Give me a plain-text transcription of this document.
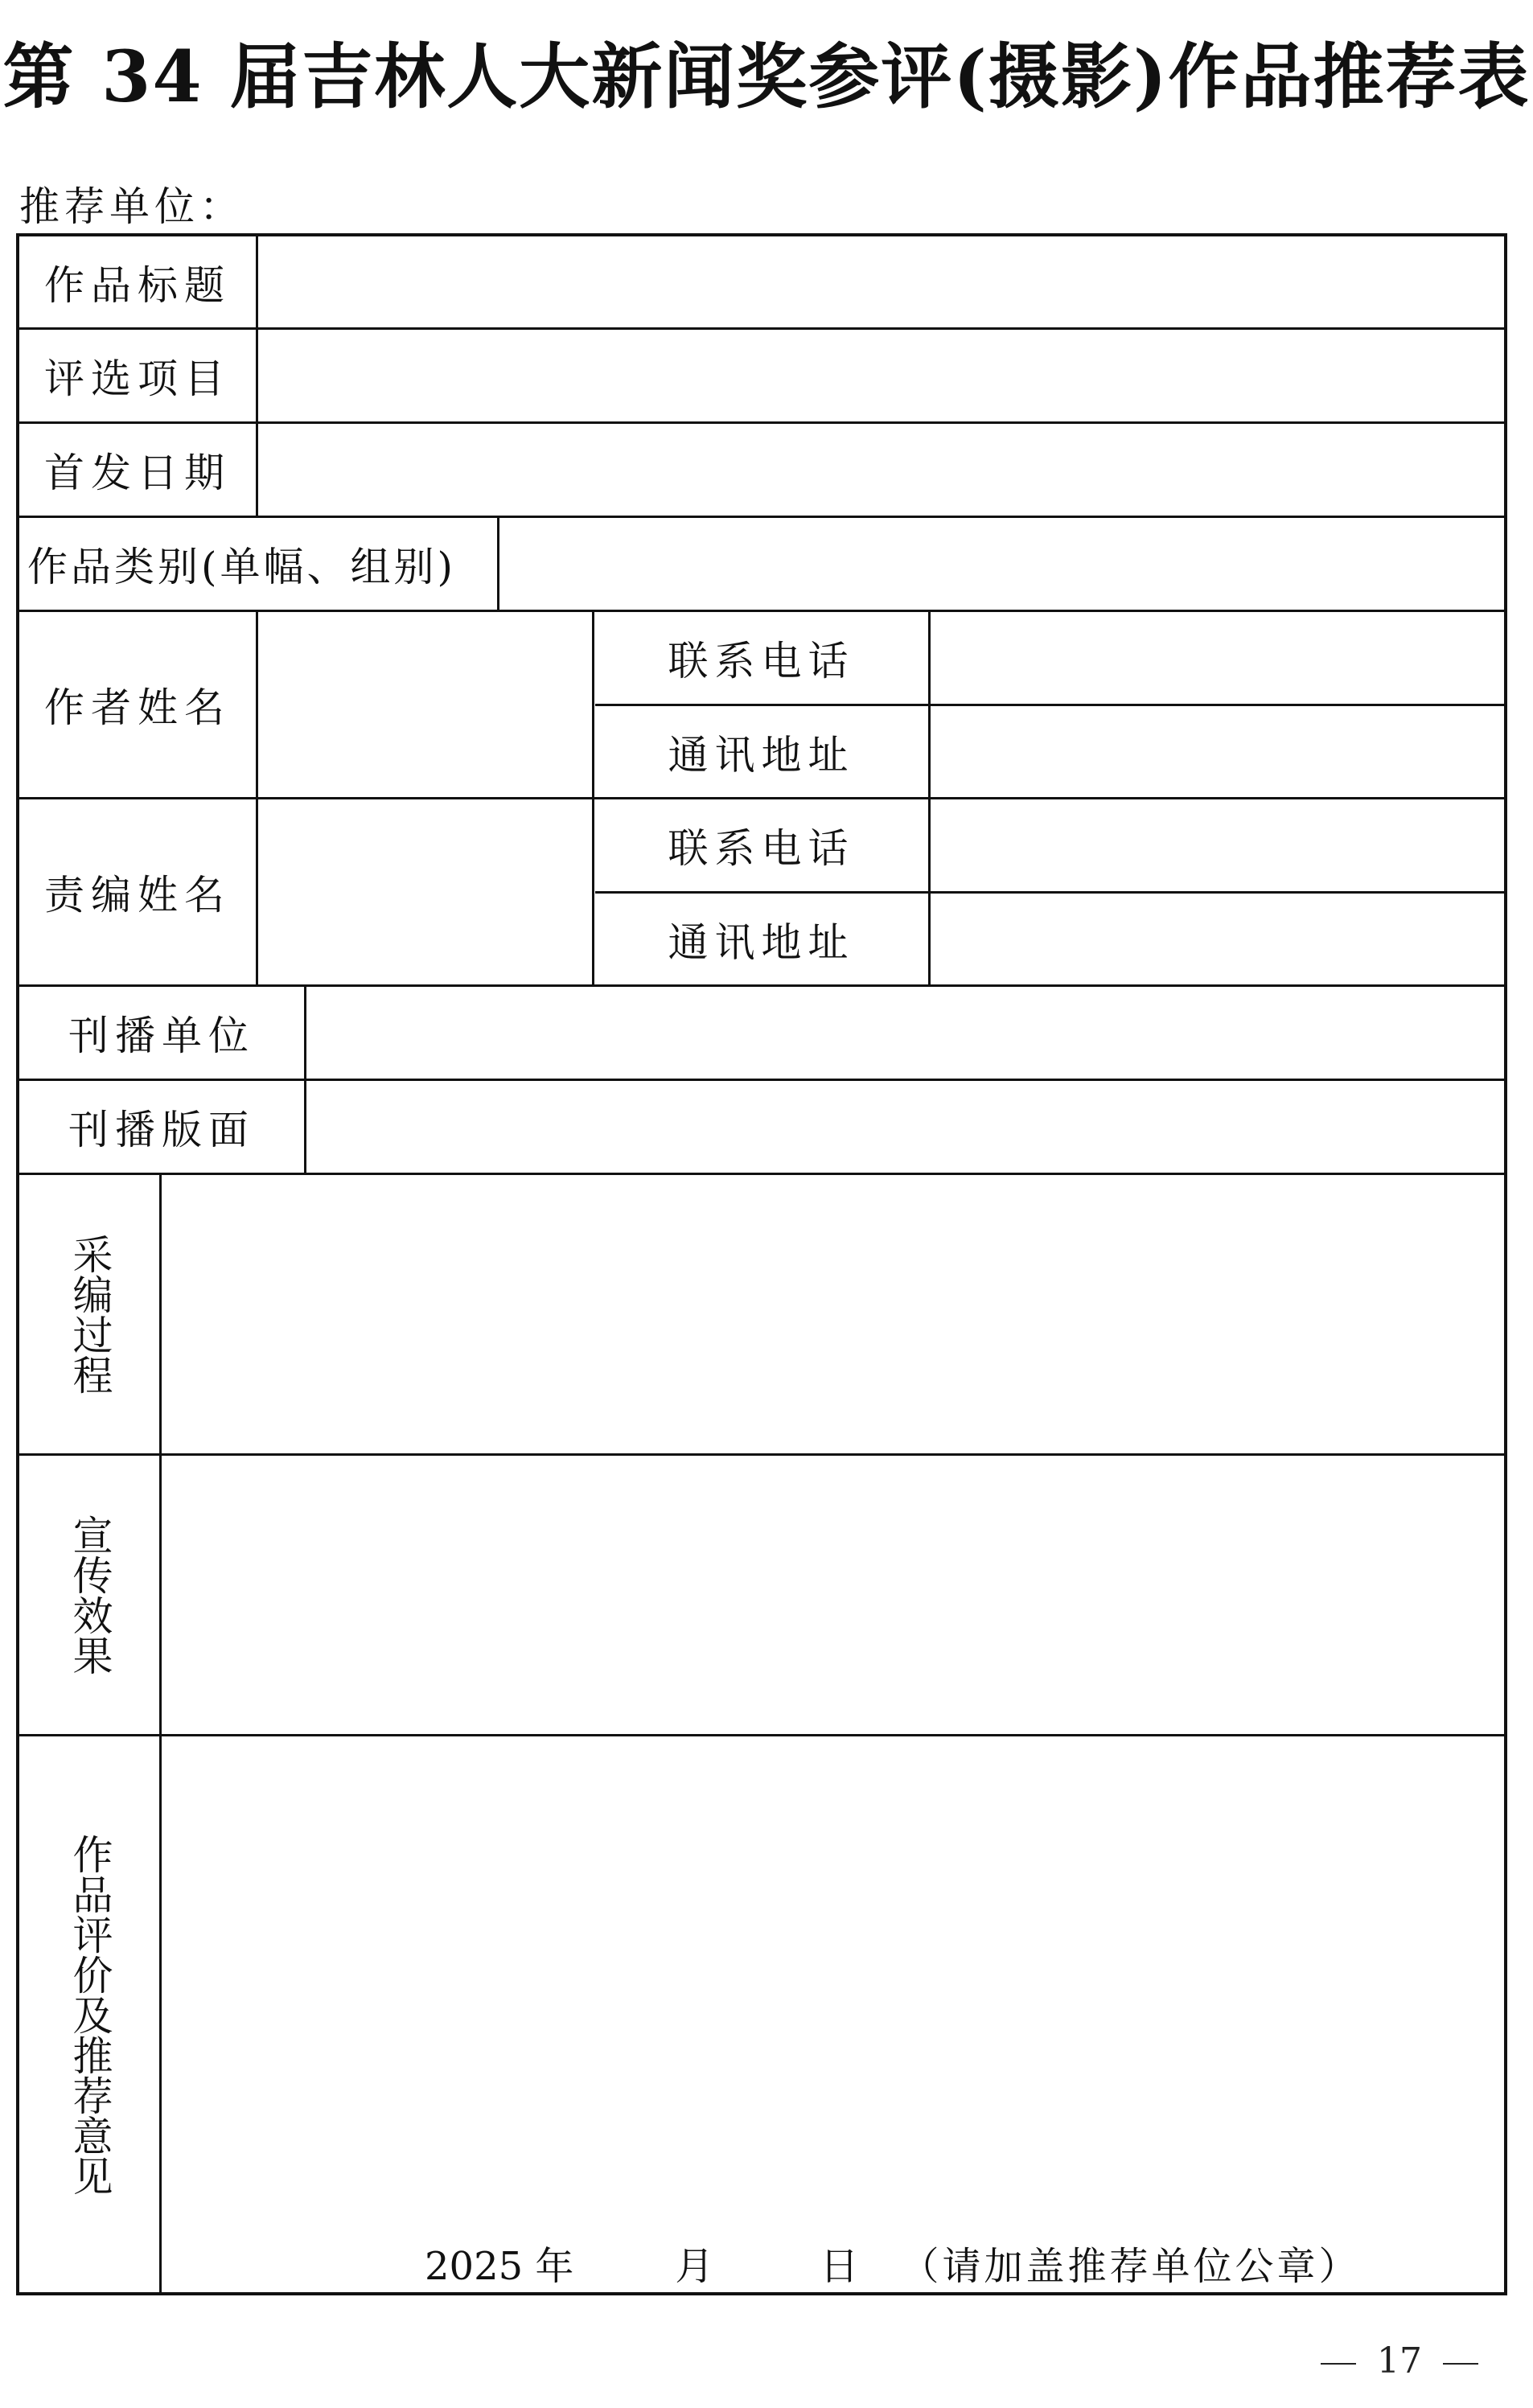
第 34 届吉林人大新闻奖参评(摄影)作品推荐表
推荐单位：
作品标题
评选项目
首发日期
作品类别(单幅、组别)
作者姓名
联系电话
通讯地址
责编姓名
联系电话
通讯地址
刊播单位
刊播版面
采编过程
宣传效果
作品评价及推荐意见
2025 年	月	日 （请加盖推荐单位公章）
17
